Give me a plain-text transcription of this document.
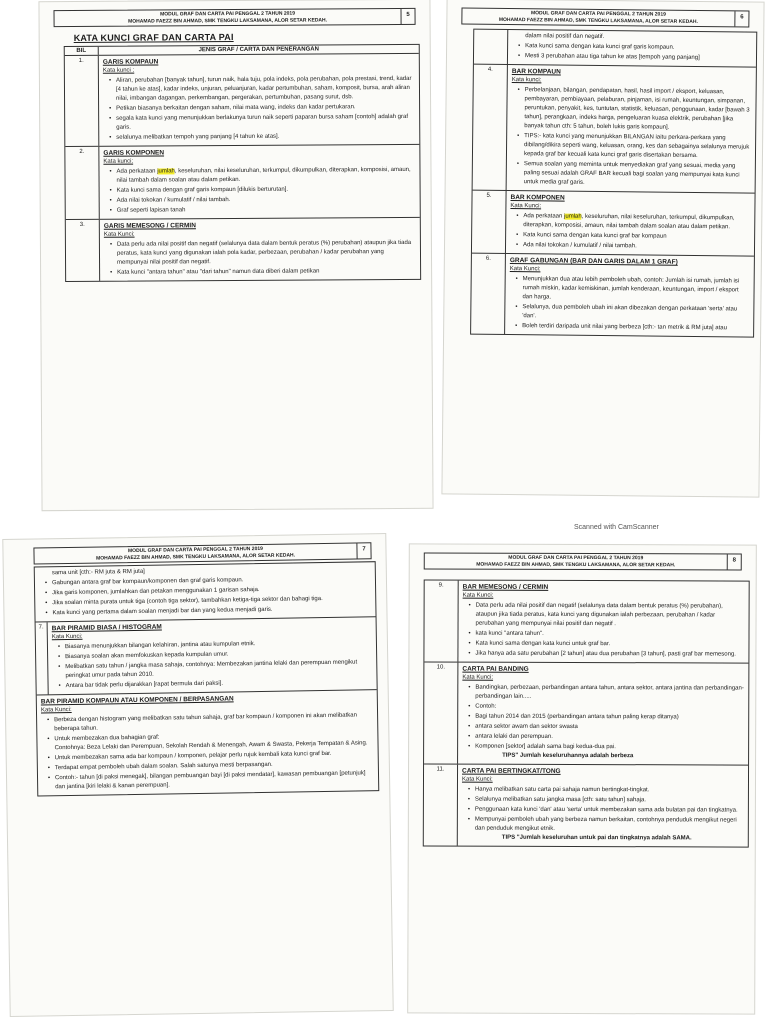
MODUL GRAF DAN CARTA PAI PENGGAL 2 TAHUN 2019
MOHAMAD FAEZZ BIN AHMAD, SMK TENGKU LAKSAMANA, ALOR SETAR KEDAH.
5
KATA KUNCI GRAF DAN CARTA PAI
BIL	JENIS GRAF / CARTA DAN PENERANGAN
1.	GARIS KOMPAUN
Kata kunci :
• Aliran, perubahan [banyak tahun], turun naik, hala tuju, pola indeks, pola perubahan, pola prestasi, trend, kadar [4 tahun ke atas], kadar indeks, unjuran, peluanjuran, kadar pertumbuhan, saham, komposit, bursa, arah aliran nilai, imbangan dagangan, perkembangan, pergerakan, pertumbuhan, pasang surut, dsb.
• Petikan biasanya berkaitan dengan saham, nilai mata wang, indeks dan kadar pertukaran.
• segala kata kunci yang menunjukkan berlakunya turun naik seperti paparan bursa saham [contoh] adalah graf garis.
• selalunya melibatkan tempoh yang panjang [4 tahun ke atas].
2.	GARIS KOMPONEN
Kata kunci:
• Ada perkataan jumlah, keseluruhan, nilai keseluruhan, terkumpul, dikumpulkan, diterapkan, komposisi, amaun, nilai tambah dalam soalan atau dalam petikan.
• Kata kunci sama dengan graf garis kompaun [dilukis berturutan].
• Ada nilai tokokan / kumulatif / nilai tambah.
• Graf seperti lapisan tanah
3.	GARIS MEMESONG / CERMIN
Kata Kunci:
• Data perlu ada nilai positif dan negatif (selalunya data dalam bentuk peratus (%) perubahan) ataupun jika tiada peratus, kata kunci yang digunakan ialah pola kadar, perbezaan, perubahan / kadar perubahan yang mempunyai nilai positif dan negatif.
• Kata kunci "antara tahun" atau "dari tahun" namun data diberi dalam petikan
MODUL GRAF DAN CARTA PAI PENGGAL 2 TAHUN 2019
MOHAMAD FAEZZ BIN AHMAD, SMK TENGKU LAKSAMANA, ALOR SETAR KEDAH.	6
dalam nilai positif dan negatif.
• Kata kunci sama dengan kata kunci graf garis kompaun.
• Mesti 3 perubahan atau tiga tahun ke atas [tempoh yang panjang]
4.	BAR KOMPAUN
Kata kunci:
• Perbelanjaan, bilangan, pendapatan, hasil, hasil import / eksport, keluasan, pembayaran, pembiayaan, pelaburan, pinjaman, isi rumah, keuntungan, simpanan, peruntukan, penyakit, kes, tuntutan, statistik, keluasan, penggunaan, kadar [bawah 3 tahun], perangkaan, indeks harga, pengeluaran kuasa elektrik, perubahan [jika banyak tahun cth: 5 tahun, boleh lukis garis kompaun].
• TIPS:- kata kunci yang menunjukkan BILANGAN iaitu perkara-perkara yang dibilang/dikira seperti wang, keluasan, orang, kes dan sebagainya selalunya merujuk kepada graf bar kecuali kata kunci graf garis disertakan bersama.
• Semua soalan yang meminta untuk menyediakan graf yang sesuai, media yang paling sesuai adalah GRAF BAR kecuali bagi soalan yang mempunyai kata kunci untuk media graf garis.
5.	BAR KOMPONEN
Kata Kunci:
• Ada perkataan jumlah, keseluruhan, nilai keseluruhan, terkumpul, dikumpulkan, diterapkan, komposisi, amaun, nilai tambah dalam soalan atau dalam petikan.
• Kata kunci sama dengan kata kunci graf bar kompaun
• Ada nilai tokokan / kumulatif / nilai tambah.
6.	GRAF GABUNGAN (BAR DAN GARIS DALAM 1 GRAF)
Kata Kunci:
• Menunjukkan dua atau lebih pemboleh ubah, contoh: Jumlah isi rumah, jumlah isi rumah miskin, kadar kemiskinan, jumlah kenderaan, keuntungan, import / eksport dan harga.
• Selalunya, dua pemboleh ubah ini akan dibezakan dengan perkataan 'serta' atau 'dan'.
• Boleh terdiri daripada unit nilai yang berbeza [cth:- tan metrik & RM juta] atau
Scanned with CamScanner
MODUL GRAF DAN CARTA PAI PENGGAL 2 TAHUN 2019
MOHAMAD FAEZZ BIN AHMAD, SMK TENGKU LAKSAMANA, ALOR SETAR KEDAH.
7
sama unit [cth:- RM juta & RM juta]
• Gabungan antara graf bar kompaun/komponen dan graf garis kompaun.
• Jika garis komponen, jumlahkan dan petakan menggunakan 1 garisan sahaja.
• Jika soalan minta purata untuk tiga (contoh tiga sektor), tambahkan ketiga-tiga sektor dan bahagi tiga.
• Kata kunci yang pertama dalam soalan menjadi bar dan yang kedua menjadi garis.
7.	BAR PIRAMID BIASA / HISTOGRAM
Kata Kunci:
• Biasanya menunjukkan bilangan kelahiran, jantina atau kumpulan etnik.
• Biasanya soalan akan memfokuskan kepada kumpulan umur.
• Melibatkan satu tahun / jangka masa sahaja, contohnya: Membezakan jantina lelaki dan perempuan mengikut peringkat umur pada tahun 2010.
• Antara bar tidak perlu dijarakkan [rapat bermula dari paksi].
BAR PIRAMID KOMPAUN ATAU KOMPONEN / BERPASANGAN
Kata Kunci:
• Berbeza dengan histogram yang melibatkan satu tahun sahaja, graf bar kompaun / komponen ini akan melibatkan beberapa tahun.
• Untuk membezakan dua bahagian graf:
Contohnya: Beza Lelaki dan Perempuan, Sekolah Rendah & Menengah, Awam & Swasta, Pekerja Tempatan & Asing.
• Untuk membezakan sama ada bar kompaun / komponen, pelajar perlu rujuk kembali kata kunci graf bar.
• Terdapat empat pemboleh ubah dalam soalan. Salah satunya mesti berpasangan.
• Contoh:- tahun [di paksi menegak], bilangan pembuangan bayi [di paksi mendatar], kawasan pembuangan [petunjuk] dan jantina [kiri lelaki & kanan perempuan].
MODUL GRAF DAN CARTA PAI PENGGAL 2 TAHUN 2019
MOHAMAD FAEZZ BIN AHMAD, SMK TENGKU LAKSAMANA, ALOR SETAR KEDAH.
8
9.	BAR MEMESONG / CERMIN
Kata Kunci:
• Data perlu ada nilai positif dan negatif (selalunya data dalam bentuk peratus (%) perubahan), ataupun jika tiada peratus, kata kunci yang digunakan ialah perbezaan, perubahan / kadar perubahan yang mempunyai nilai positif dan negatif .
• kata kunci "antara tahun".
• Kata kunci sama dengan kata kunci untuk graf bar.
• Jika hanya ada satu perubahan [2 tahun] atau dua perubahan [3 tahun], pasti graf bar memesong.
10.	CARTA PAI BANDING
Kata Kunci:
• Bandingkan, perbezaan, perbandingan antara tahun, antara sektor, antara jantina dan perbandingan-perbandingan lain.....
• Contoh:
• Bagi tahun 2014 dan 2015 (perbandingan antara tahun paling kerap ditanya)
• antara sektor awam dan sektor swasta
• antara lelaki dan perempuan.
• Komponen [sektor] adalah sama bagi kedua-dua pai.
TIPS" Jumlah keseluruhannya adalah berbeza
11.	CARTA PAI BERTINGKAT/TONG
Kata Kunci:
• Hanya melibatkan satu carta pai sahaja namun bertingkat-tingkat.
• Selalunya melibatkan satu jangka masa [cth: satu tahun] sahaja.
• Penggunaan kata kunci 'dan' atau 'serta' untuk membezakan sama ada bulatan pai dan tingkatnya.
• Mempunyai pemboleh ubah yang berbeza namun berkaitan, contohnya penduduk mengikut negeri dan penduduk mengikut etnik.
TIPS "Jumlah keseluruhan untuk pai dan tingkatnya adalah SAMA.
